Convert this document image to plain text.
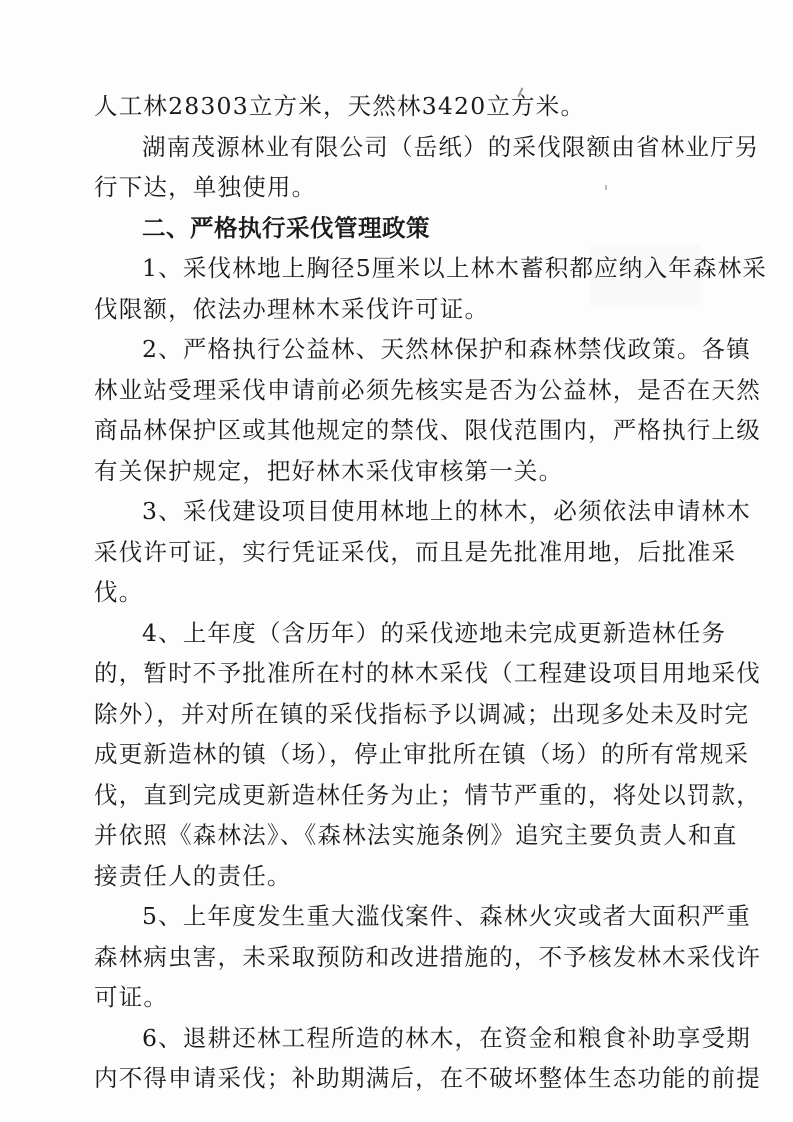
人工林28303立方米，天然林3420立方米。
湖南茂源林业有限公司（岳纸）的采伐限额由省林业厅另
行下达，单独使用。
二、严格执行采伐管理政策
1、采伐林地上胸径5厘米以上林木蓄积都应纳入年森林采
伐限额，依法办理林木采伐许可证。
2、严格执行公益林、天然林保护和森林禁伐政策。各镇
林业站受理采伐申请前必须先核实是否为公益林，是否在天然
商品林保护区或其他规定的禁伐、限伐范围内，严格执行上级
有关保护规定，把好林木采伐审核第一关。
3、采伐建设项目使用林地上的林木，必须依法申请林木
采伐许可证，实行凭证采伐，而且是先批准用地，后批准采
伐。
4、上年度（含历年）的采伐迹地未完成更新造林任务
的，暂时不予批准所在村的林木采伐（工程建设项目用地采伐
除外），并对所在镇的采伐指标予以调减；出现多处未及时完
成更新造林的镇（场），停止审批所在镇（场）的所有常规采
伐，直到完成更新造林任务为止；情节严重的，将处以罚款，
并依照《森林法》、《森林法实施条例》追究主要负责人和直
接责任人的责任。
5、上年度发生重大滥伐案件、森林火灾或者大面积严重
森林病虫害，未采取预防和改进措施的，不予核发林木采伐许
可证。
6、退耕还林工程所造的林木，在资金和粮食补助享受期
内不得申请采伐；补助期满后，在不破坏整体生态功能的前提
